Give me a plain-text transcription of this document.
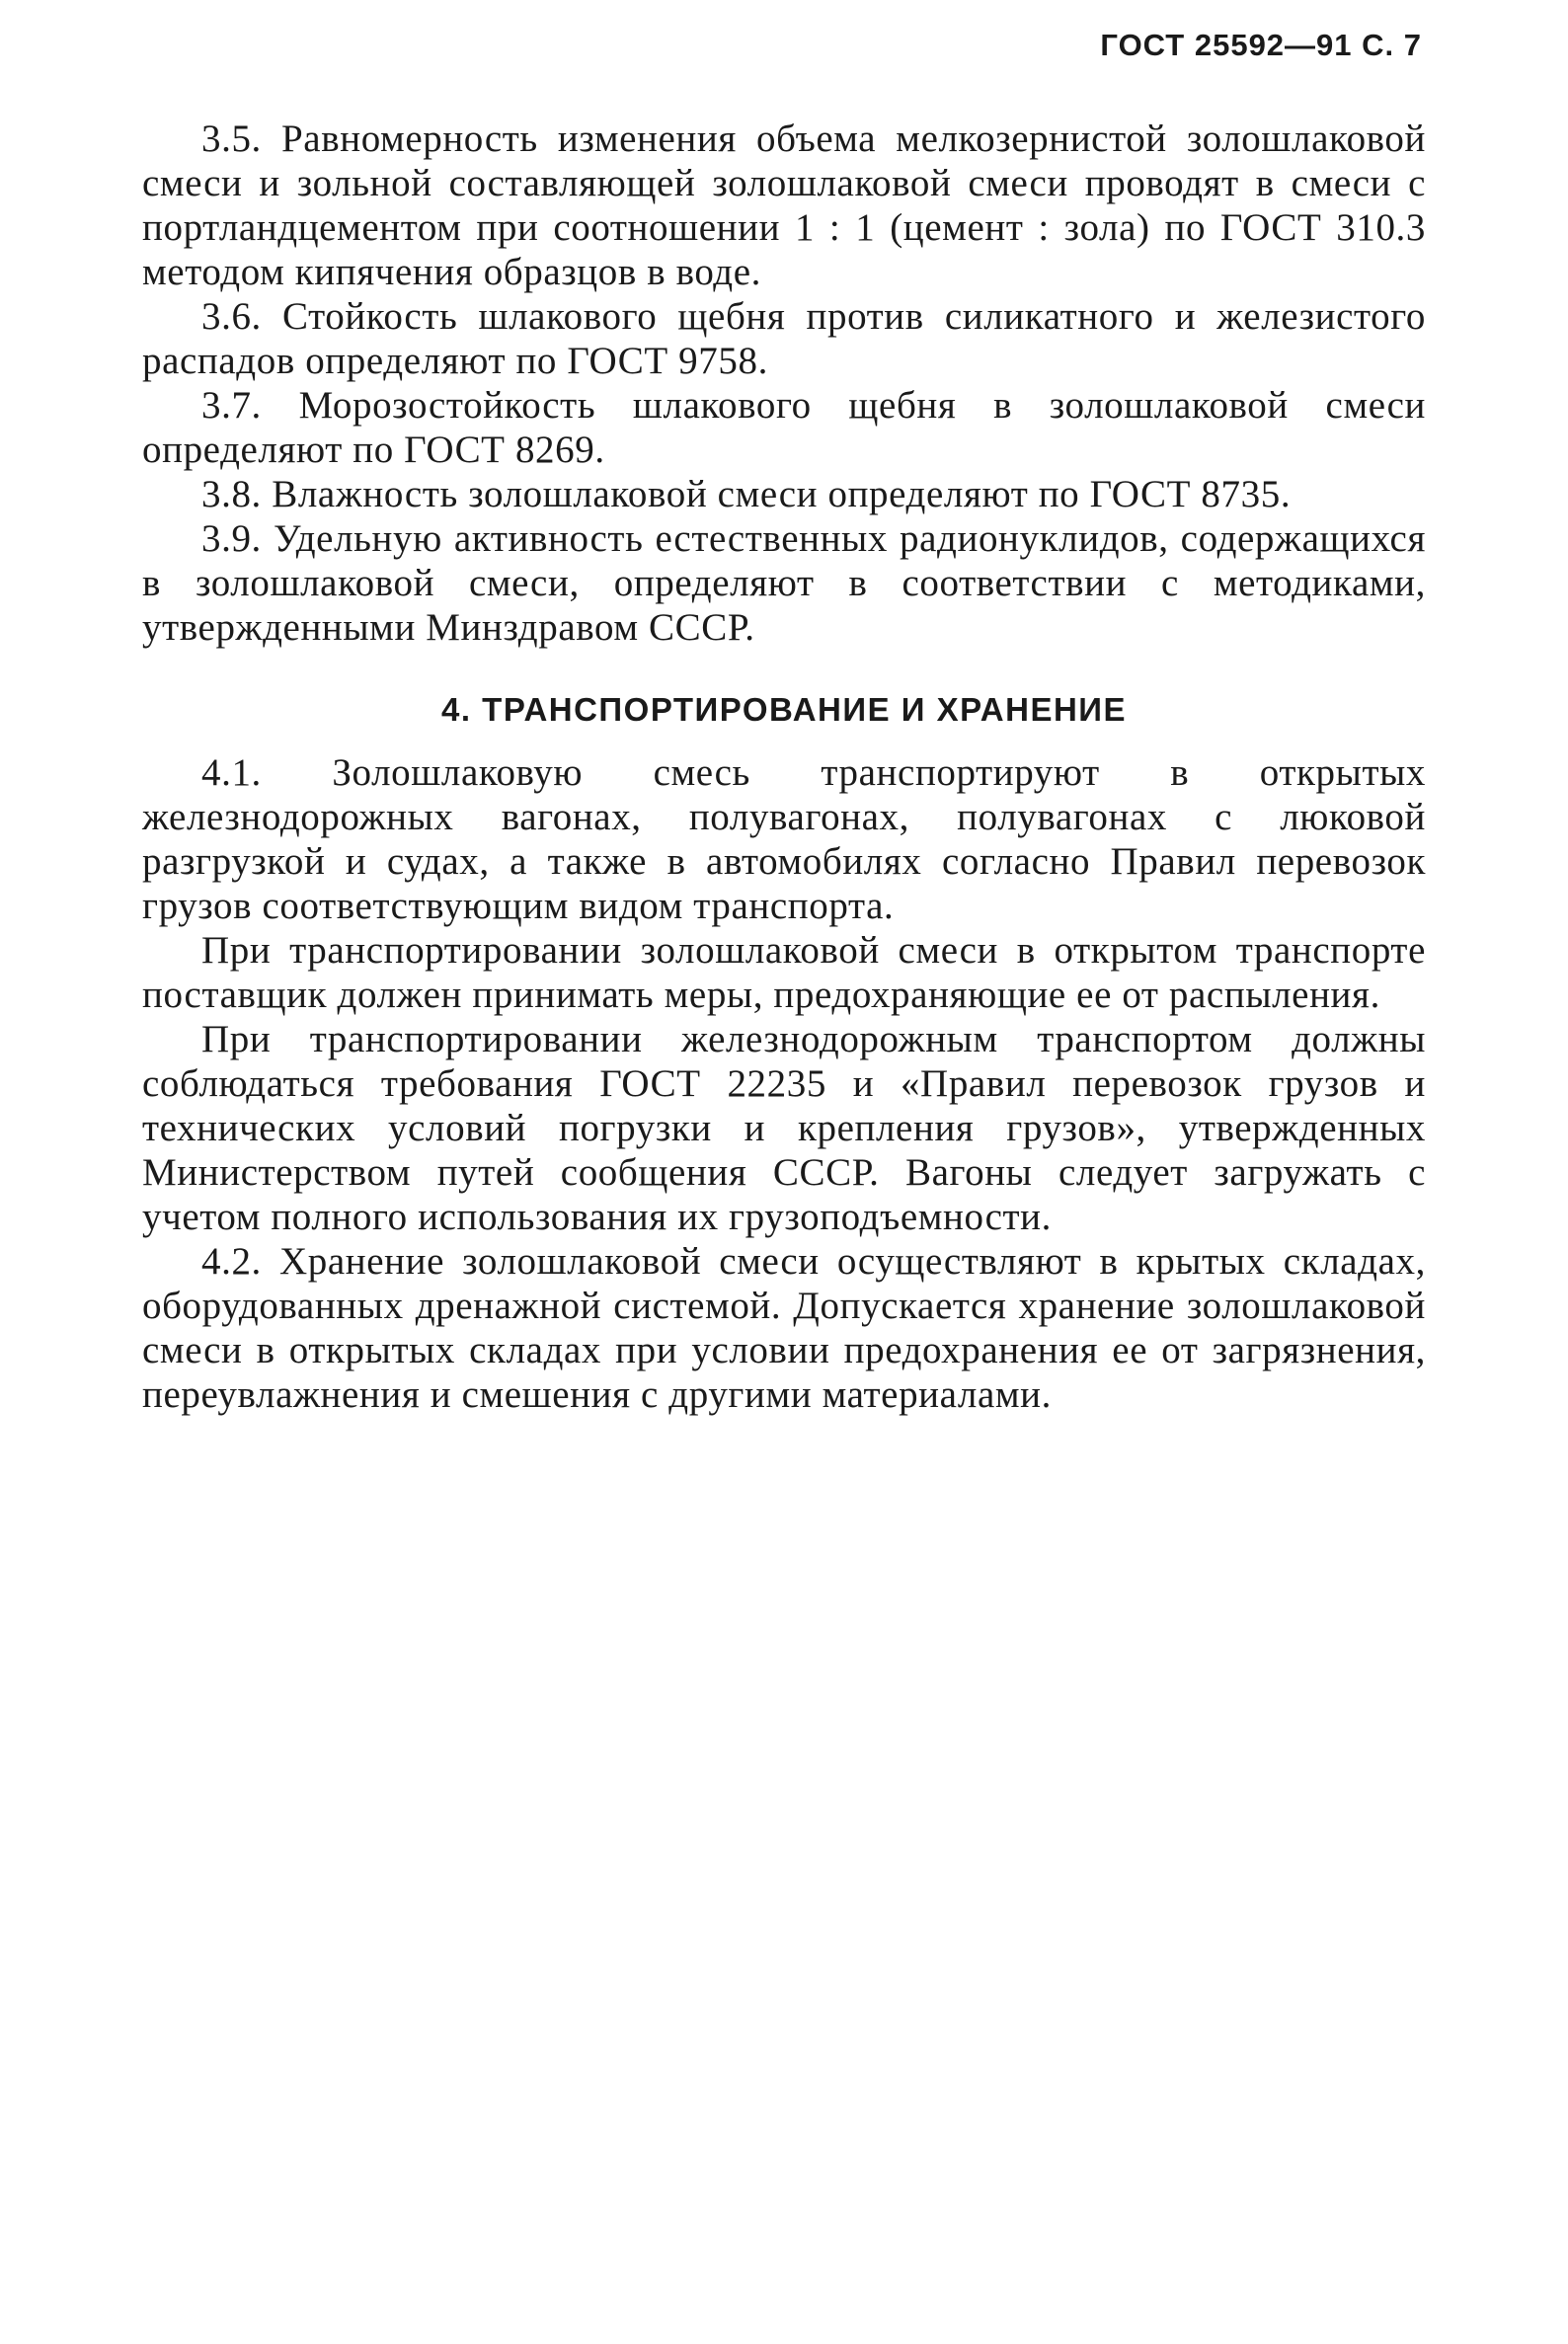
ГОСТ 25592—91 С. 7

3.5. Равномерность изменения объема мелкозернистой золошлаковой смеси и зольной составляющей золошлаковой смеси проводят в смеси с портландцементом при соотношении 1 : 1 (цемент : зола) по ГОСТ 310.3 методом кипячения образцов в воде.

3.6. Стойкость шлакового щебня против силикатного и железистого распадов определяют по ГОСТ 9758.

3.7. Морозостойкость шлакового щебня в золошлаковой смеси определяют по ГОСТ 8269.

3.8. Влажность золошлаковой смеси определяют по ГОСТ 8735.

3.9. Удельную активность естественных радионуклидов, содержащихся в золошлаковой смеси, определяют в соответствии с методиками, утвержденными Минздравом СССР.

4. ТРАНСПОРТИРОВАНИЕ И ХРАНЕНИЕ

4.1. Золошлаковую смесь транспортируют в открытых железнодорожных вагонах, полувагонах, полувагонах с люковой разгрузкой и судах, а также в автомобилях согласно Правил перевозок грузов соответствующим видом транспорта.

При транспортировании золошлаковой смеси в открытом транспорте поставщик должен принимать меры, предохраняющие ее от распыления.

При транспортировании железнодорожным транспортом должны соблюдаться требования ГОСТ 22235 и «Правил перевозок грузов и технических условий погрузки и крепления грузов», утвержденных Министерством путей сообщения СССР. Вагоны следует загружать с учетом полного использования их грузоподъемности.

4.2. Хранение золошлаковой смеси осуществляют в крытых складах, оборудованных дренажной системой. Допускается хранение золошлаковой смеси в открытых складах при условии предохранения ее от загрязнения, переувлажнения и смешения с другими материалами.
